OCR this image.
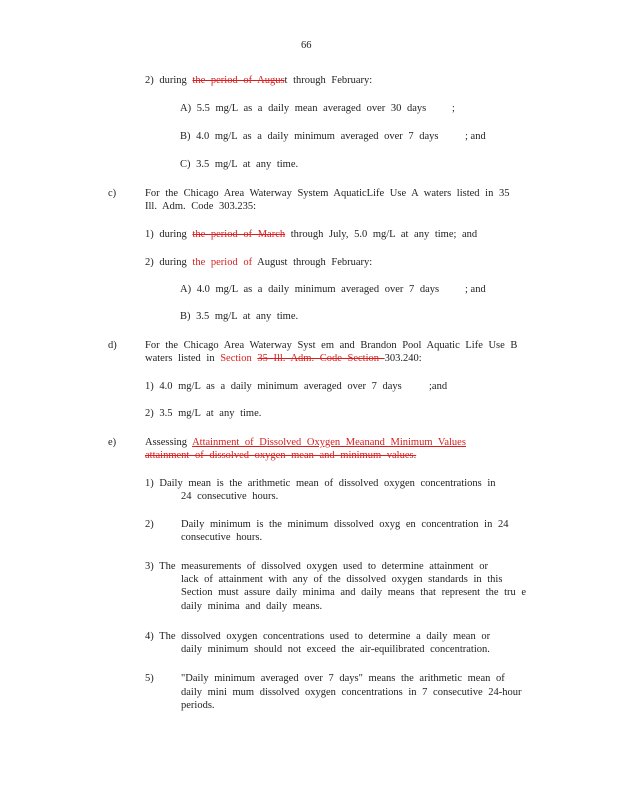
66
2) during the period of August through February:
A) 5.5 mg/L as a daily mean averaged over 30 days ;
B) 4.0 mg/L as a daily minimum averaged over 7 days	; and
C) 3.5 mg/L at any time.
c)	For the Chicago Area Waterway System AquaticLife Use A waters listed in 35
Ill. Adm. Code 303.235:
1) during the period of March through July, 5.0 mg/L at any time; and
2) during the period of August through February:
A) 4.0 mg/L as a daily minimum averaged over 7 days ; and
B) 3.5 mg/L at any time.
d)	For the Chicago Area Waterway Syst em and Brandon Pool Aquatic Life Use B
waters listed in Section 35 Ill. Adm. Code Section 303.240:
1) 4.0 mg/L as a daily minimum averaged over 7 days	;and
2) 3.5 mg/L at any time.
e)	Assessing Attainment of Dissolved Oxygen Meanand Minimum Values
attainment of dissolved oxygen mean and minimum values.
1) Daily mean is the arithmetic mean of dissolved oxygen concentrations in
24 consecutive hours.
2)	Daily minimum is the minimum dissolved oxyg en concentration in 24
consecutive hours.
3) The measurements of dissolved oxygen used to determine attainment or
lack of attainment with any of the dissolved oxygen standards in this
Section must assure daily minima and daily means that represent the tru e
daily minima and daily means.
4) The dissolved oxygen concentrations used to determine a daily mean or
daily minimum should not exceed the air-equilibrated concentration.
5)	"Daily minimum averaged over 7 days" means the arithmetic mean of
daily mini mum dissolved oxygen concentrations in 7 consecutive 24-hour
periods.
